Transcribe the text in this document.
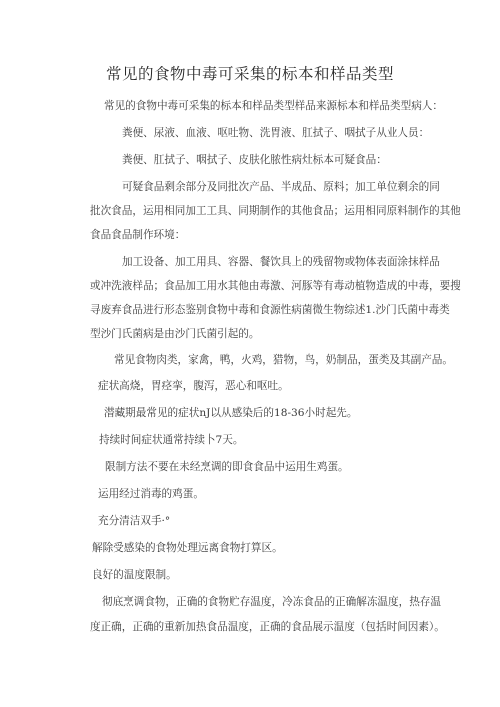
常见的食物中毒可采集的标本和样品类型
常见的食物中毒可采集的标本和样品类型样品来源标本和样品类型病人：
粪便、尿液、血液、呕吐物、洗胃液、肛拭子、咽拭子从业人员：
粪便、肛拭子、咽拭子、皮肤化脓性病灶标本可疑食品：
可疑食品剩余部分及同批次产品、半成品、原料；加工单位剩余的同
批次食品，运用相同加工工具、同期制作的其他食品；运用相同原料制作的其他
食品食品制作环境：
加工设备、加工用具、容器、餐饮具上的残留物或物体表面涂抹样品
或冲洗液样品；食品加工用水其他由毒激、河豚等有毒动植物造成的中毒，要搜
寻废弃食品进行形态鉴别食物中毒和食源性病菌微生物综述1.沙门氏菌中毒类
型沙门氏菌病是由沙门氏菌引起的。
常见食物肉类，家禽，鸭，火鸡，猎物，鸟，奶制品，蛋类及其副产品。
症状高烧，胃痉挛，腹泻，恶心和呕吐。
潜藏期最常见的症状nJ以从感染后的18-36小时起先。
持续时间症状通常持续卜7天。
限制方法不要在未经烹调的即食食品中运用生鸡蛋。
运用经过消毒的鸡蛋。
充分清洁双手·°
解除受感染的食物处理远离食物打算区。
良好的温度限制。
彻底烹调食物，正确的食物贮存温度，冷冻食品的正确解冻温度，热存温
度正确，正确的重新加热食品温度，正确的食品展示温度（包括时间因素）。
